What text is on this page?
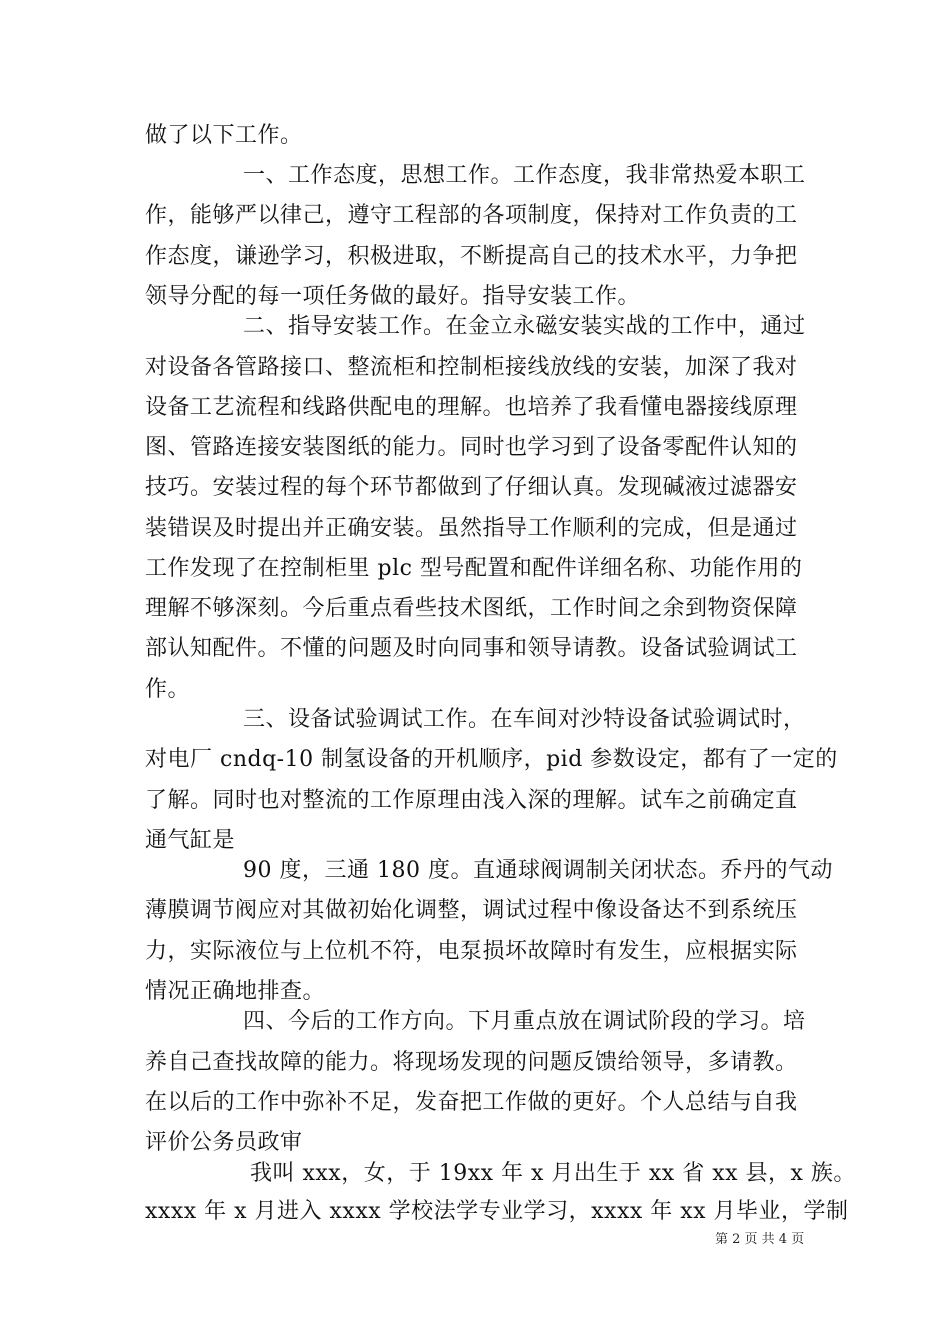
做了以下工作。
一、工作态度，思想工作。工作态度，我非常热爱本职工
作，能够严以律己，遵守工程部的各项制度，保持对工作负责的工
作态度，谦逊学习，积极进取，不断提高自己的技术水平，力争把
领导分配的每一项任务做的最好。指导安装工作。
二、指导安装工作。在金立永磁安装实战的工作中，通过
对设备各管路接口、整流柜和控制柜接线放线的安装，加深了我对
设备工艺流程和线路供配电的理解。也培养了我看懂电器接线原理
图、管路连接安装图纸的能力。同时也学习到了设备零配件认知的
技巧。安装过程的每个环节都做到了仔细认真。发现碱液过滤器安
装错误及时提出并正确安装。虽然指导工作顺利的完成，但是通过
工作发现了在控制柜里 plc 型号配置和配件详细名称、功能作用的
理解不够深刻。今后重点看些技术图纸，工作时间之余到物资保障
部认知配件。不懂的问题及时向同事和领导请教。设备试验调试工
作。
三、设备试验调试工作。在车间对沙特设备试验调试时，
对电厂 cndq-10 制氢设备的开机顺序，pid 参数设定，都有了一定的
了解。同时也对整流的工作原理由浅入深的理解。试车之前确定直
通气缸是
90 度，三通 180 度。直通球阀调制关闭状态。乔丹的气动
薄膜调节阀应对其做初始化调整，调试过程中像设备达不到系统压
力，实际液位与上位机不符，电泵损坏故障时有发生，应根据实际
情况正确地排查。
四、今后的工作方向。下月重点放在调试阶段的学习。培
养自己查找故障的能力。将现场发现的问题反馈给领导，多请教。
在以后的工作中弥补不足，发奋把工作做的更好。个人总结与自我
评价公务员政审
我叫 xxx，女，于 19xx 年 x 月出生于 xx 省 xx 县，x 族。
xxxx 年 x 月进入 xxxx 学校法学专业学习，xxxx 年 xx 月毕业，学制
第 2 页 共 4 页
